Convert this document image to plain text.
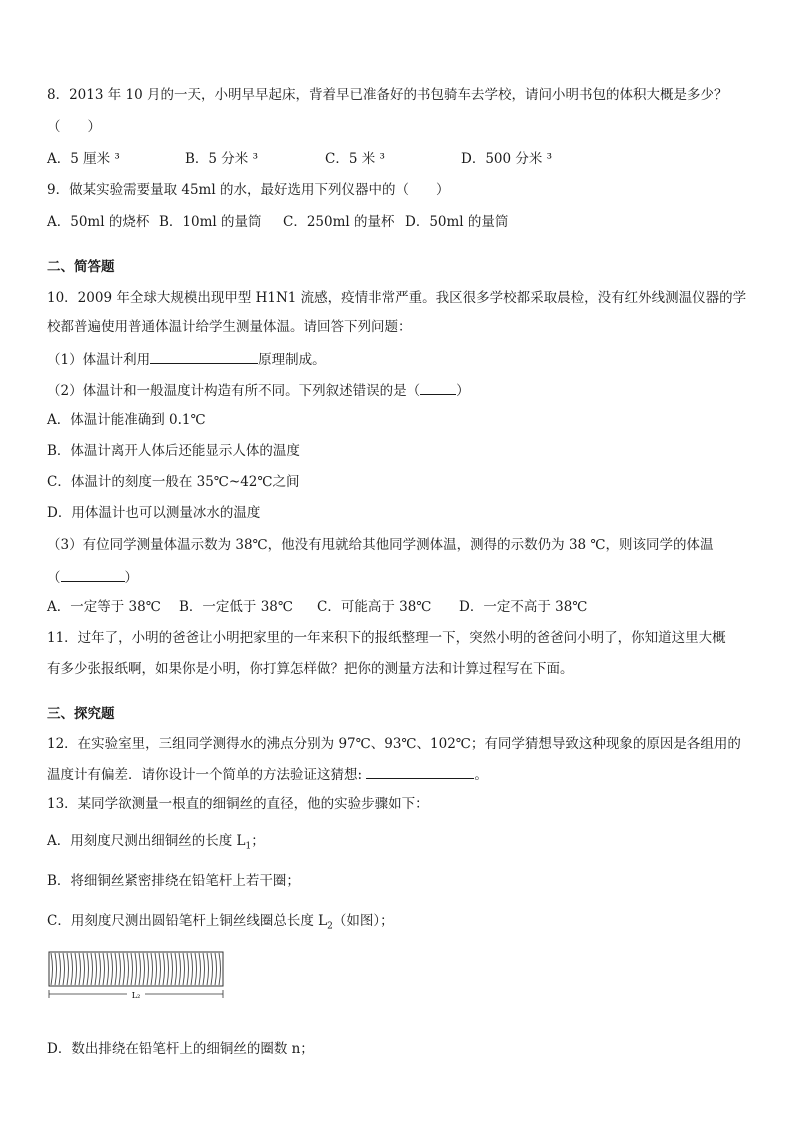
8．2013 年 10 月的一天，小明早早起床，背着早已准备好的书包骑车去学校，请问小明书包的体积大概是多少？
（　　）
A．5 厘米 ³	B．5 分米 ³	C．5 米 ³	D．500 分米 ³
9．做某实验需要量取 45ml 的水，最好选用下列仪器中的（　　）
A．50ml 的烧杯 B．10ml 的量筒 C．250ml 的量杯 D．50ml 的量筒
二、简答题
10．2009 年全球大规模出现甲型 H1N1 流感，疫情非常严重。我区很多学校都采取晨检，没有红外线测温仪器的学
校都普遍使用普通体温计给学生测量体温。请回答下列问题：
（1）体温计利用	原理制成。
（2）体温计和一般温度计构造有所不同。下列叙述错误的是（	）
A．体温计能准确到 0.1℃
B．体温计离开人体后还能显示人体的温度
C．体温计的刻度一般在 35℃~42℃之间
D．用体温计也可以测量冰水的温度
（3）有位同学测量体温示数为 38℃，他没有甩就给其他同学测体温，测得的示数仍为 38 ℃，则该同学的体温
（	）
A．一定等于 38℃ B．一定低于 38℃ C．可能高于 38℃ D．一定不高于 38℃
11．过年了，小明的爸爸让小明把家里的一年来积下的报纸整理一下，突然小明的爸爸问小明了，你知道这里大概
有多少张报纸啊，如果你是小明，你打算怎样做？把你的测量方法和计算过程写在下面。
三、探究题
12．在实验室里，三组同学测得水的沸点分别为 97℃、93℃、102℃；有同学猜想导致这种现象的原因是各组用的
温度计有偏差．请你设计一个简单的方法验证这猜想:	。
13．某同学欲测量一根直的细铜丝的直径，他的实验步骤如下：
A．用刻度尺测出细铜丝的长度 $L_1$；
B．将细铜丝紧密排绕在铅笔杆上若干圈；
C．用刻度尺测出圆铅笔杆上铜丝线圈总长度 $L_2$（如图）；
L₂
D．数出排绕在铅笔杆上的细铜丝的圈数 n；
